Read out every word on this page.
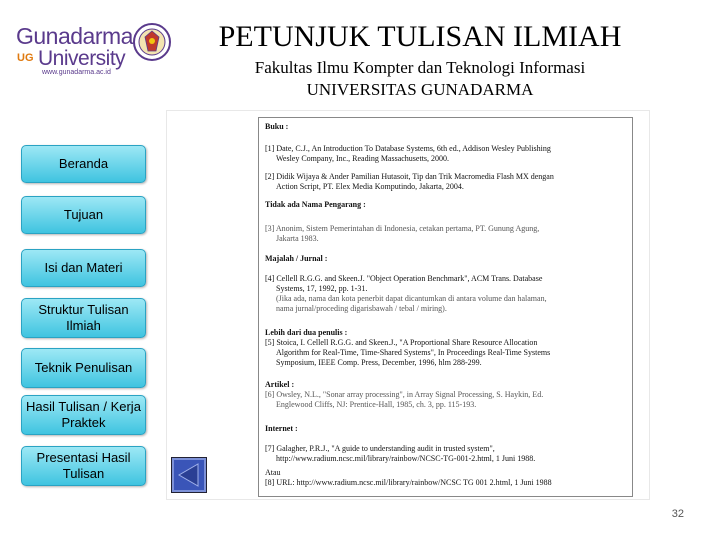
Gunadarma
UG University
www.gunadarma.ac.id
PETUNJUK TULISAN ILMIAH
Fakultas Ilmu Kompter dan Teknologi Informasi
UNIVERSITAS GUNADARMA
Buku :
[1] Date, C.J., An Introduction To Database Systems, 6th ed., Addison Wesley Publishing
Wesley Company, Inc., Reading Massachusetts, 2000.
[2] Didik Wijaya & Ander Pamilian Hutasoit, Tip dan Trik Macromedia Flash MX dengan
Action Script, PT. Elex Media Komputindo, Jakarta, 2004.
Tidak ada Nama Pengarang :
[3] Anonim, Sistem Pemerintahan di Indonesia, cetakan pertama, PT. Gunung Agung,
Jakarta 1983.
Majalah / Jurnal :
[4] Cellell R.G.G. and Skeen.J. "Object Operation Benchmark", ACM Trans. Database
Systems, 17, 1992, pp. 1-31.
(Jika ada, nama dan kota penerbit dapat dicantumkan di antara volume dan halaman,
nama jurnal/proceding digarisbawah / tebal / miring).
Lebih dari dua penulis :
[5] Stoica, I. Cellell R.G.G. and Skeen.J., "A Proportional Share Resource Allocation
Algorithm for Real-Time, Time-Shared Systems", In Proceedings Real-Time Systems
Symposium, IEEE Comp. Press, December, 1996, hlm 288-299.
Artikel :
[6] Owsley, N.L., "Sonar array processing", in Array Signal Processing, S. Haykin, Ed.
Englewood Cliffs, NJ: Prentice-Hall, 1985, ch. 3, pp. 115-193.
Internet :
[7] Galagher, P.R.J., "A guide to understanding audit in trusted system",
http://www.radium.ncsc.mil/library/rainbow/NCSC-TG-001-2.html, 1 Juni 1988.
Atau
[8] URL: http://www.radium.ncsc.mil/library/rainbow/NCSC TG 001 2.html, 1 Juni 1988
Beranda
Tujuan
Isi dan Materi
Struktur Tulisan Ilmiah
Teknik Penulisan
Hasil Tulisan / Kerja Praktek
Presentasi Hasil Tulisan
32
